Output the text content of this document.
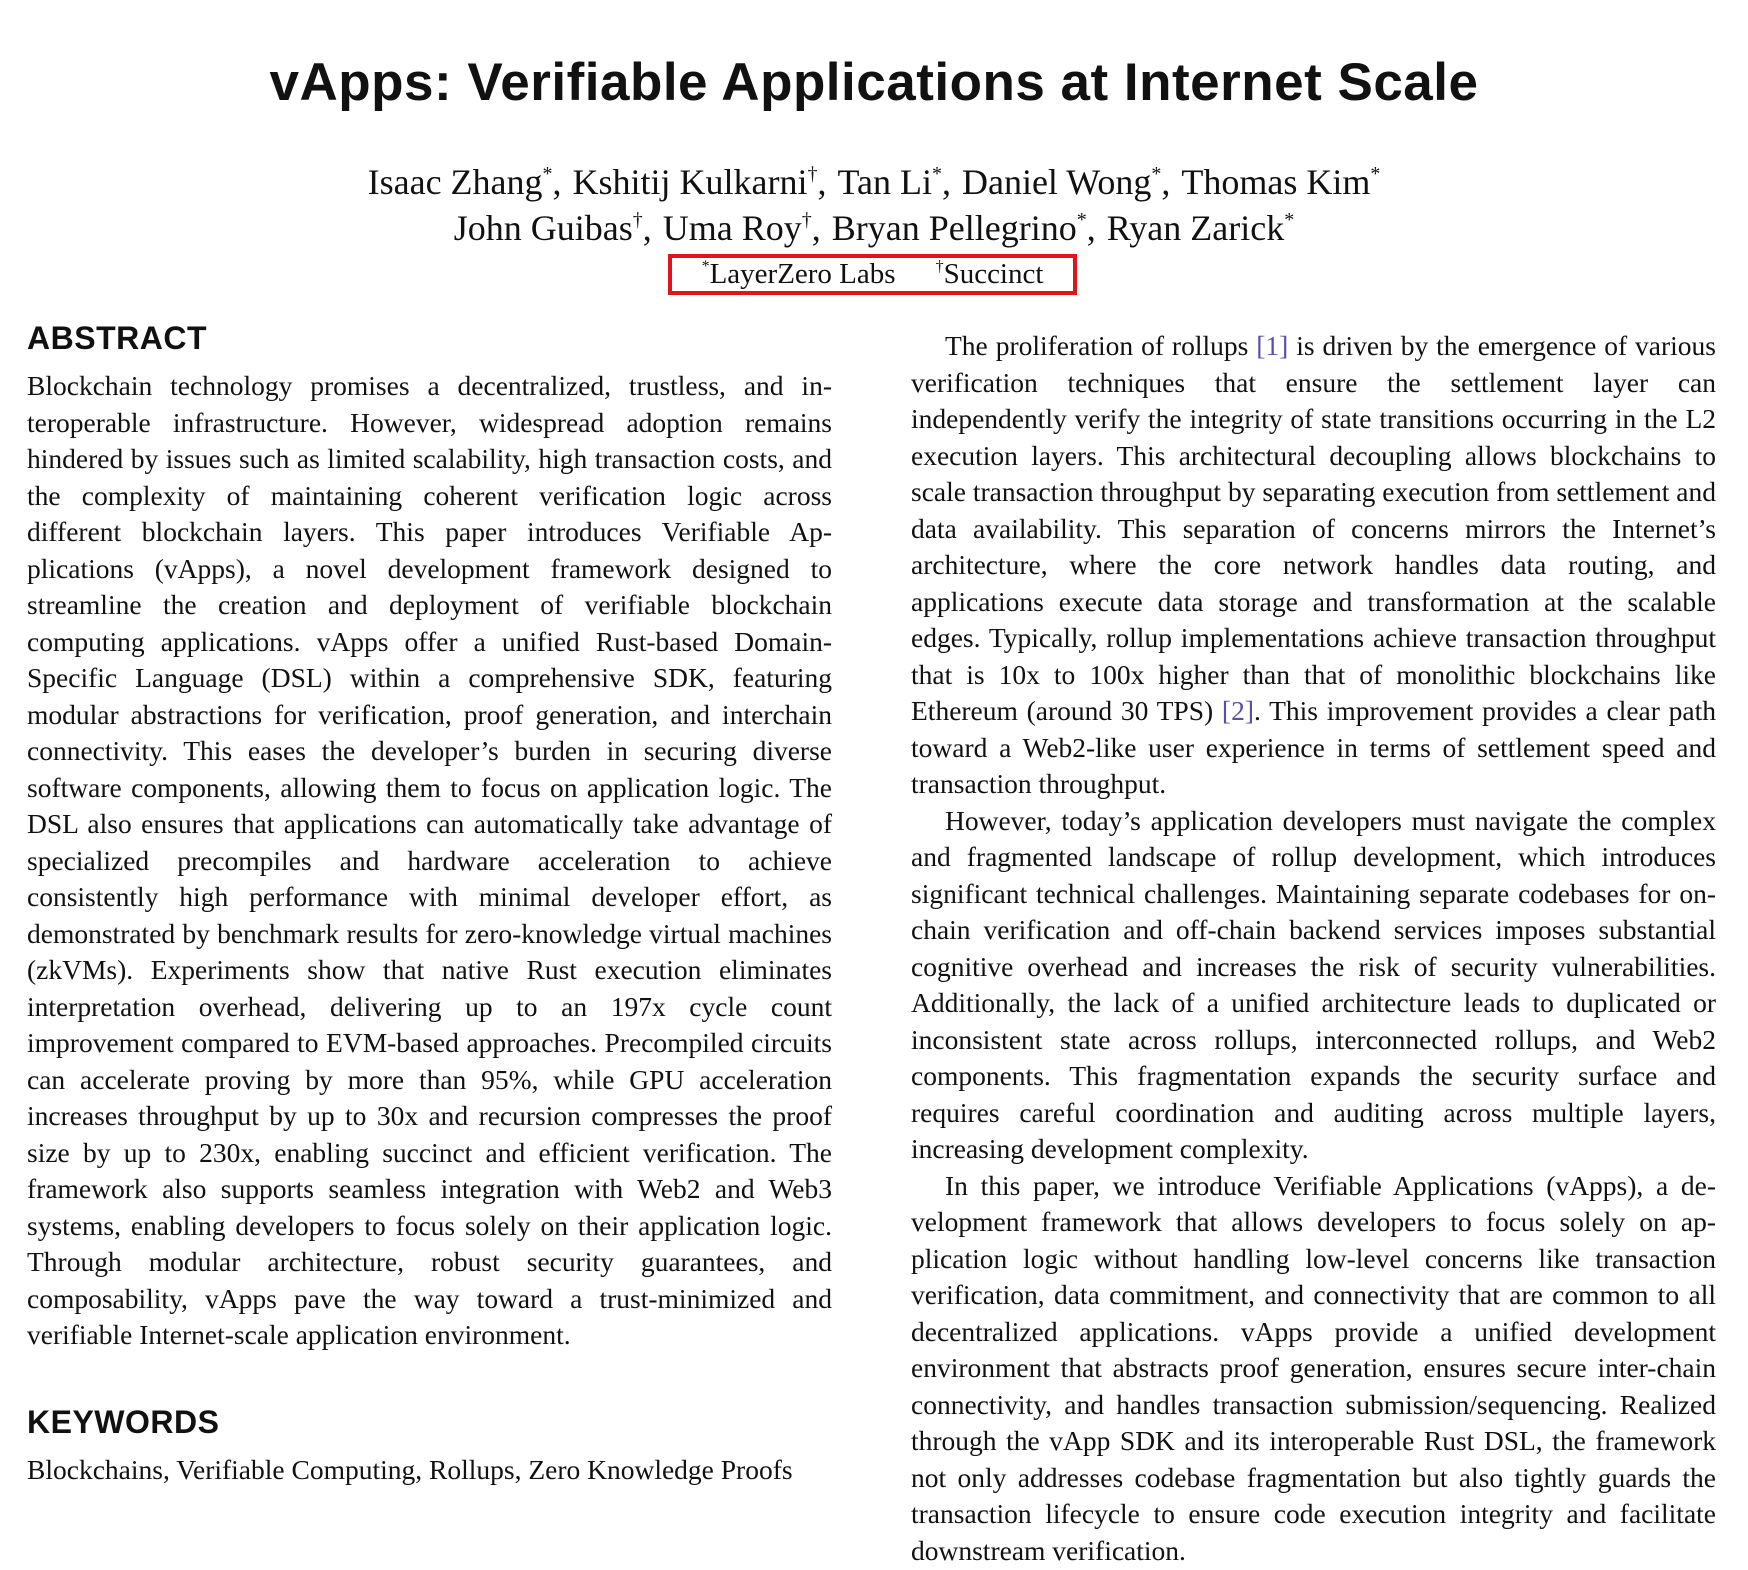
vApps: Verifiable Applications at Internet Scale
Isaac Zhang*, Kshitij Kulkarni†, Tan Li*, Daniel Wong*, Thomas Kim*
John Guibas†, Uma Roy†, Bryan Pellegrino*, Ryan Zarick*
*LayerZero Labs	†Succinct
ABSTRACT

Blockchain technology promises a decentralized, trustless, and interoperable infrastructure. However, widespread adoption remains hindered by issues such as limited scalability, high transaction costs, and the complexity of maintaining coherent verification logic across different blockchain layers. This paper introduces Verifiable Applications (vApps), a novel development framework designed to streamline the creation and deployment of verifiable blockchain computing applications. vApps offer a unified Rust-based Domain-Specific Language (DSL) within a comprehensive SDK, featuring modular abstractions for verification, proof generation, and interchain connectivity. This eases the developer’s burden in securing diverse software components, allowing them to focus on application logic. The DSL also ensures that applications can automatically take advantage of specialized precompiles and hardware acceleration to achieve consistently high performance with minimal developer effort, as demonstrated by benchmark results for zero-knowledge virtual machines (zkVMs). Experiments show that native Rust execution eliminates interpretation overhead, delivering up to an 197x cycle count improvement compared to EVM-based approaches. Precompiled circuits can accelerate proving by more than 95%, while GPU acceleration increases throughput by up to 30x and recursion compresses the proof size by up to 230x, enabling succinct and efficient verification. The framework also supports seamless integration with Web2 and Web3 systems, enabling developers to focus solely on their application logic. Through modular architecture, robust security guarantees, and composability, vApps pave the way toward a trust-minimized and verifiable Internet-scale application environment.

KEYWORDS

Blockchains, Verifiable Computing, Rollups, Zero Knowledge Proofs

The proliferation of rollups [1] is driven by the emergence of various verification techniques that ensure the settlement layer can independently verify the integrity of state transitions occurring in the L2 execution layers. This architectural decoupling allows blockchains to scale transaction throughput by separating execution from settlement and data availability. This separation of concerns mirrors the Internet’s architecture, where the core network handles data routing, and applications execute data storage and transformation at the scalable edges. Typically, rollup implementations achieve transaction throughput that is 10x to 100x higher than that of monolithic blockchains like Ethereum (around 30 TPS) [2]. This improvement provides a clear path toward a Web2-like user experience in terms of settlement speed and transaction throughput.

However, today’s application developers must navigate the complex and fragmented landscape of rollup development, which introduces significant technical challenges. Maintaining separate codebases for on-chain verification and off-chain backend services imposes substantial cognitive overhead and increases the risk of security vulnerabilities. Additionally, the lack of a unified architecture leads to duplicated or inconsistent state across rollups, interconnected rollups, and Web2 components. This fragmentation expands the security surface and requires careful coordination and auditing across multiple layers, increasing development complexity.

In this paper, we introduce Verifiable Applications (vApps), a development framework that allows developers to focus solely on application logic without handling low-level concerns like transaction verification, data commitment, and connectivity that are common to all decentralized applications. vApps provide a unified development environment that abstracts proof generation, ensures secure inter-chain connectivity, and handles transaction submission/sequencing. Realized through the vApp SDK and its interoperable Rust DSL, the framework not only addresses codebase fragmentation but also tightly guards the transaction lifecycle to ensure code execution integrity and facilitate downstream verification.
